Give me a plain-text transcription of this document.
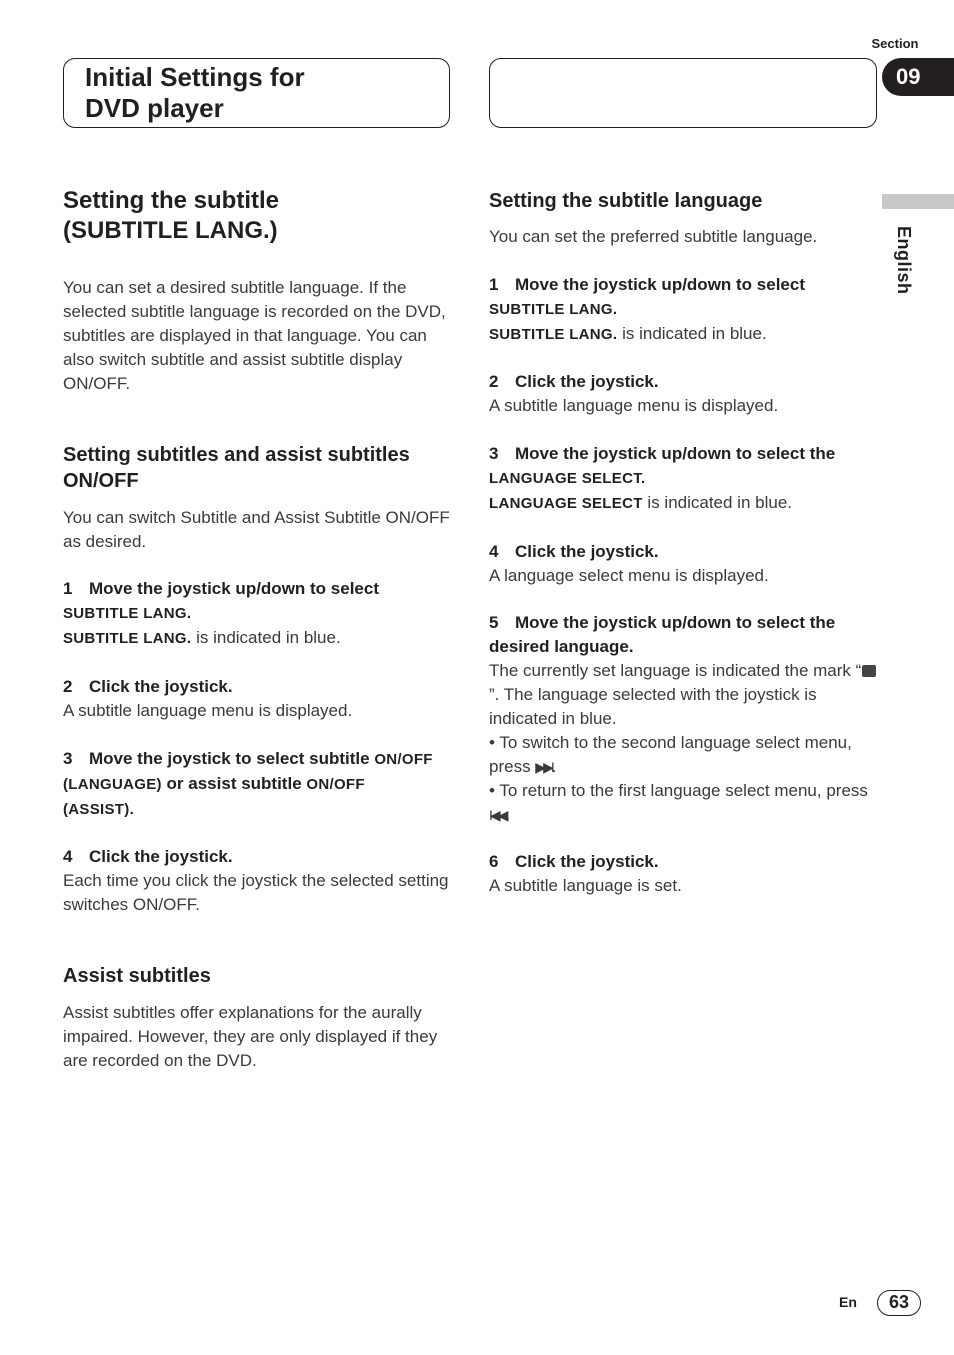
Section
09
Initial Settings for
DVD player
English
Setting the subtitle
(SUBTITLE LANG.)

You can set a desired subtitle language. If the selected subtitle language is recorded on the DVD, subtitles are displayed in that language. You can also switch subtitle and assist subtitle display ON/OFF.

Setting subtitles and assist subtitles ON/OFF

You can switch Subtitle and Assist Subtitle ON/OFF as desired.

1 Move the joystick up/down to select
SUBTITLE LANG.

SUBTITLE LANG. is indicated in blue.

2 Click the joystick.

A subtitle language menu is displayed.

3 Move the joystick to select subtitle ON/OFF
(LANGUAGE) or assist subtitle ON/OFF
(ASSIST).
4 Click the joystick.

Each time you click the joystick the selected setting switches ON/OFF.

Assist subtitles

Assist subtitles offer explanations for the aurally impaired. However, they are only displayed if they are recorded on the DVD.

Setting the subtitle language

You can set the preferred subtitle language.

1 Move the joystick up/down to select
SUBTITLE LANG.

SUBTITLE LANG. is indicated in blue.

2 Click the joystick.

A subtitle language menu is displayed.

3 Move the joystick up/down to select the
LANGUAGE SELECT.

LANGUAGE SELECT is indicated in blue.

4 Click the joystick.

A language select menu is displayed.

5 Move the joystick up/down to select the desired language.

The currently set language is indicated the mark “”. The language selected with the joystick is indicated in blue.

• To switch to the second language select menu, press ▶▶I.

• To return to the first language select menu, press I◀◀.

6 Click the joystick.

A subtitle language is set.

En	63
